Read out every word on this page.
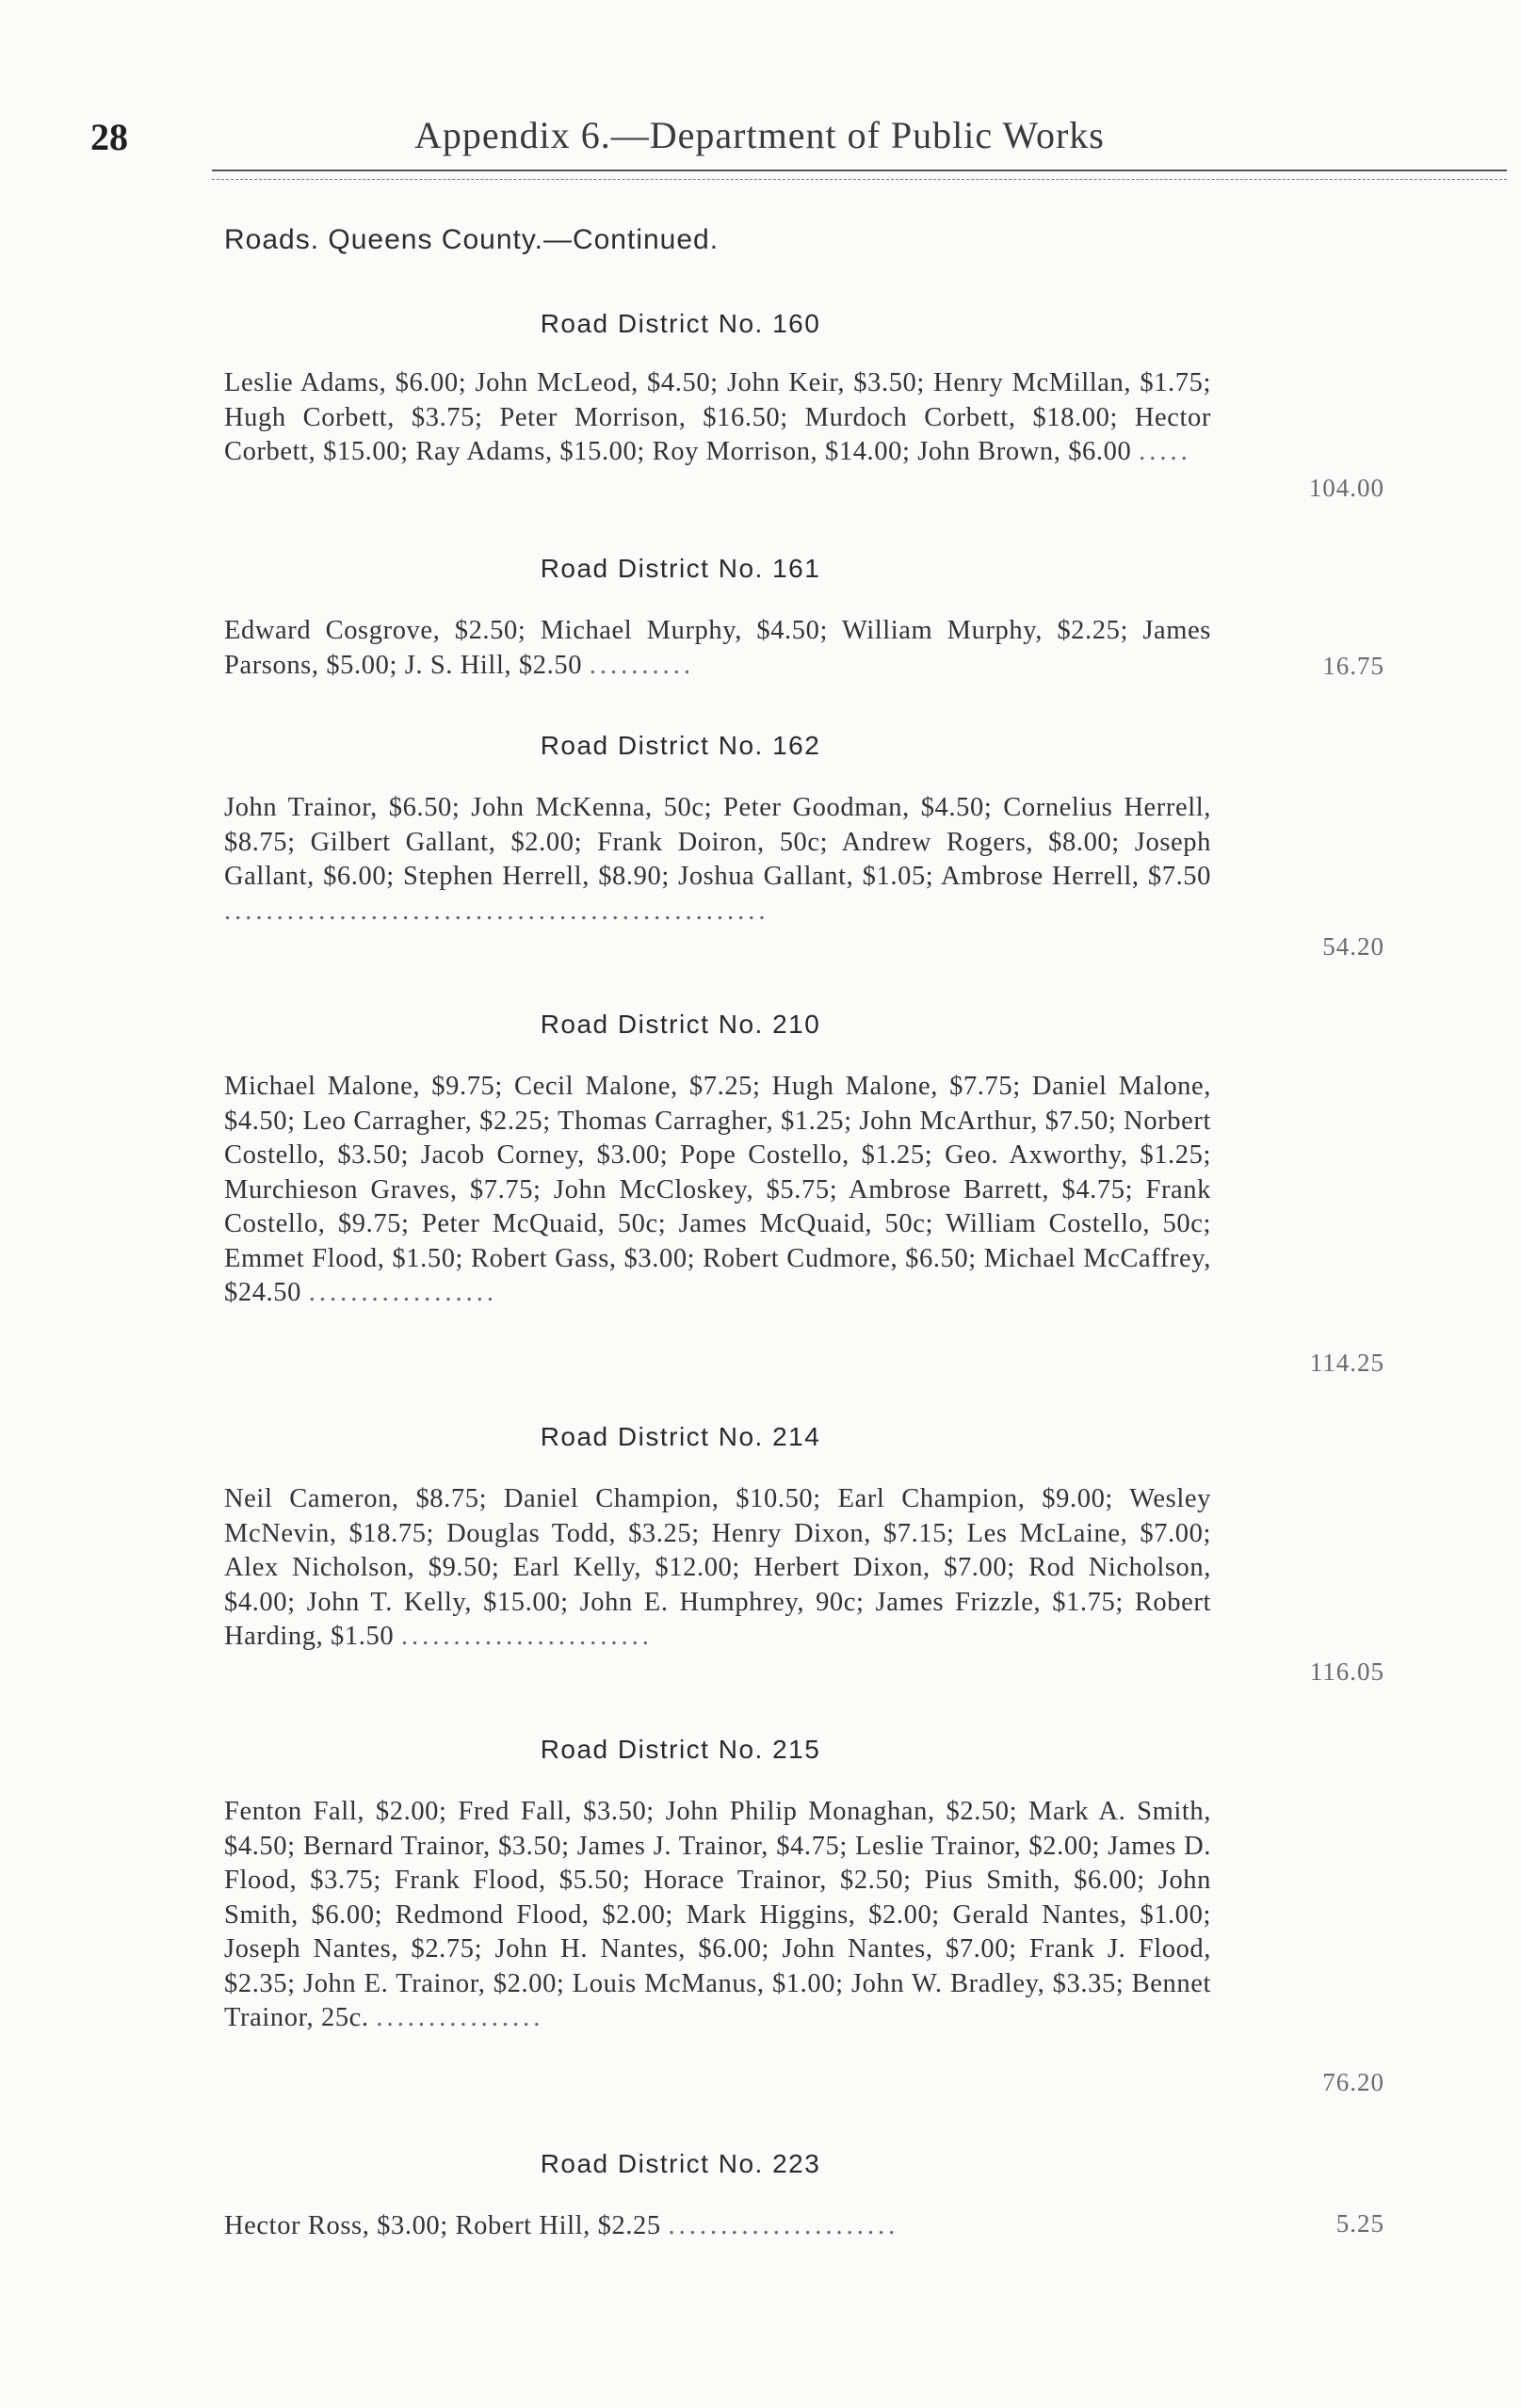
28	Appendix 6.—Department of Public Works
Roads. Queens County.—Continued.
Road District No. 160
Leslie Adams, $6.00; John McLeod, $4.50; John Keir, $3.50; Henry McMillan, $1.75; Hugh Corbett, $3.75; Peter Morrison, $16.50; Murdoch Corbett, $18.00; Hector Corbett, $15.00; Ray Adams, $15.00; Roy Morrison, $14.00; John Brown, $6.00 .....
104.00
Road District No. 161
Edward Cosgrove, $2.50; Michael Murphy, $4.50; William Murphy, $2.25; James Parsons, $5.00; J. S. Hill, $2.50 ..........	16.75
Road District No. 162
John Trainor, $6.50; John McKenna, 50c; Peter Goodman, $4.50; Cornelius Herrell, $8.75; Gilbert Gallant, $2.00; Frank Doiron, 50c; Andrew Rogers, $8.00; Joseph Gallant, $6.00; Stephen Herrell, $8.90; Joshua Gallant, $1.05; Ambrose Herrell, $7.50 ....................................................
54.20
Road District No. 210
Michael Malone, $9.75; Cecil Malone, $7.25; Hugh Malone, $7.75; Daniel Malone, $4.50; Leo Carragher, $2.25; Thomas Carragher, $1.25; John McArthur, $7.50; Norbert Costello, $3.50; Jacob Corney, $3.00; Pope Costello, $1.25; Geo. Axworthy, $1.25; Murchieson Graves, $7.75; John McCloskey, $5.75; Ambrose Barrett, $4.75; Frank Costello, $9.75; Peter McQuaid, 50c; James McQuaid, 50c; William Costello, 50c; Emmet Flood, $1.50; Robert Gass, $3.00; Robert Cudmore, $6.50; Michael McCaffrey, $24.50 ..................
114.25
Road District No. 214
Neil Cameron, $8.75; Daniel Champion, $10.50; Earl Champion, $9.00; Wesley McNevin, $18.75; Douglas Todd, $3.25; Henry Dixon, $7.15; Les McLaine, $7.00; Alex Nicholson, $9.50; Earl Kelly, $12.00; Herbert Dixon, $7.00; Rod Nicholson, $4.00; John T. Kelly, $15.00; John E. Humphrey, 90c; James Frizzle, $1.75; Robert Harding, $1.50 ........................
116.05
Road District No. 215
Fenton Fall, $2.00; Fred Fall, $3.50; John Philip Monaghan, $2.50; Mark A. Smith, $4.50; Bernard Trainor, $3.50; James J. Trainor, $4.75; Leslie Trainor, $2.00; James D. Flood, $3.75; Frank Flood, $5.50; Horace Trainor, $2.50; Pius Smith, $6.00; John Smith, $6.00; Redmond Flood, $2.00; Mark Higgins, $2.00; Gerald Nantes, $1.00; Joseph Nantes, $2.75; John H. Nantes, $6.00; John Nantes, $7.00; Frank J. Flood, $2.35; John E. Trainor, $2.00; Louis McManus, $1.00; John W. Bradley, $3.35; Bennet Trainor, 25c. ................
76.20
Road District No. 223
Hector Ross, $3.00; Robert Hill, $2.25 ......................	5.25
